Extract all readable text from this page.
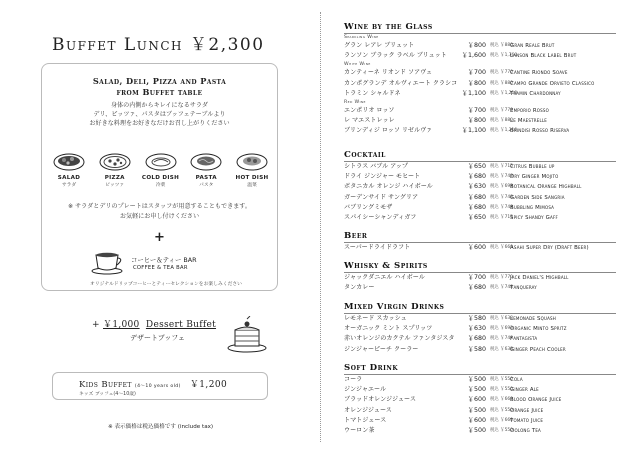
Buffet Lunch ￥2,300
Salad, Deli, Pizza and Pasta
from Buffet table
身体の内側からキレイになるサラダ
デリ、ピッツァ、パスタはブッフェテーブルより
お好きな料理をお好きなだけお召し上がりください
SALAD
サラダ
PIZZA
ピッツァ
COLD DISH
冷菜
PASTA
パスタ
HOT DISH
温菜
※ サラダとデリのプレートはスタッフが用意することもできます。
お気軽にお申し付けください
+
コーヒー＆ティー BAR
COFFEE & TEA BAR
オリジナルドリップコーヒーとティーセレクションをお楽しみください
+ ￥1,000 Dessert Buffet
デザートブッフェ
Kids Buffet (4〜10 years old) ￥1,200
キッズ ブッフェ(4〜10歳)
※ 表示価格は税込価格です (include tax)
Wine by the Glass
Sparkling Wine
グラン レアレ ブリュット	￥800 税込 ￥880
Gran Reale Brut
ランソン ブラック ラベル ブリュット	￥1,600 税込 ￥1,760
Lanson Black Label Brut
White Wine
カンティーネ リオンド ソアヴェ	￥700 税込 ￥770
Cantine Riondo Soave
カンポグランデ オルヴィエート クラシコ	￥800 税込 ￥880
Campo Grande Orvieto Classico
トラミン シャルドネ	￥1,100 税込 ￥1,210
Tramin Chardonnay
Red Wine
エンポリオ ロッソ	￥700 税込 ￥770
Emporio Rosso
レ マエストレッレ	￥800 税込 ￥880
Le Maestrelle
ブリンディジ ロッソ リゼルヴァ	￥1,100 税込 ￥1,210
Brindisi Rosso Riserva
Cocktail
シトラス バブル アップ	￥650 税込 ￥715
Citrus Bubble up
ドライ ジンジャー モヒート	￥680 税込 ￥748
Dry Ginger Mojito
ボタニカル オレンジ ハイボール	￥630 税込 ￥693
Botanical Orange Highball
ガーデンサイド サングリア	￥680 税込 ￥748
Garden Side Sangria
バブリングミモザ	￥680 税込 ￥748
Bubbling Mimosa
スパイシーシャンディガフ	￥650 税込 ￥715
Spicy Shandy Gaff
Beer
スーパードライドラフト	￥600 税込 ￥660
Asahi Super Dry (Draft Beer)
Whisky & Spirits
ジャックダニエル ハイボール	￥700 税込 ￥770
Jack Daniel's Highball
タンカレー	￥680 税込 ￥748
Tanqueray
Mixed Virgin Drinks
レモネード スカッシュ	￥580 税込 ￥638
Lemonade Squash
オーガニック ミント スプリッツ	￥630 税込 ￥693
Organic Minto Spritz
赤いオレンジのカクテル ファンタジスタ	￥680 税込 ￥748
Fantagista
ジンジャーピーチ クーラー	￥580 税込 ￥638
Ginger Peach Cooler
Soft Drink
コーラ	￥500 税込 ￥550
Cola
ジンジャエール	￥500 税込 ￥550
Ginger Ale
ブラッドオレンジジュース	￥600 税込 ￥660
Blood Orange Juice
オレンジジュース	￥500 税込 ￥550
Orange Juice
トマトジュース	￥600 税込 ￥660
Tomato Juice
ウーロン茶	￥500 税込 ￥550
Oolong Tea
